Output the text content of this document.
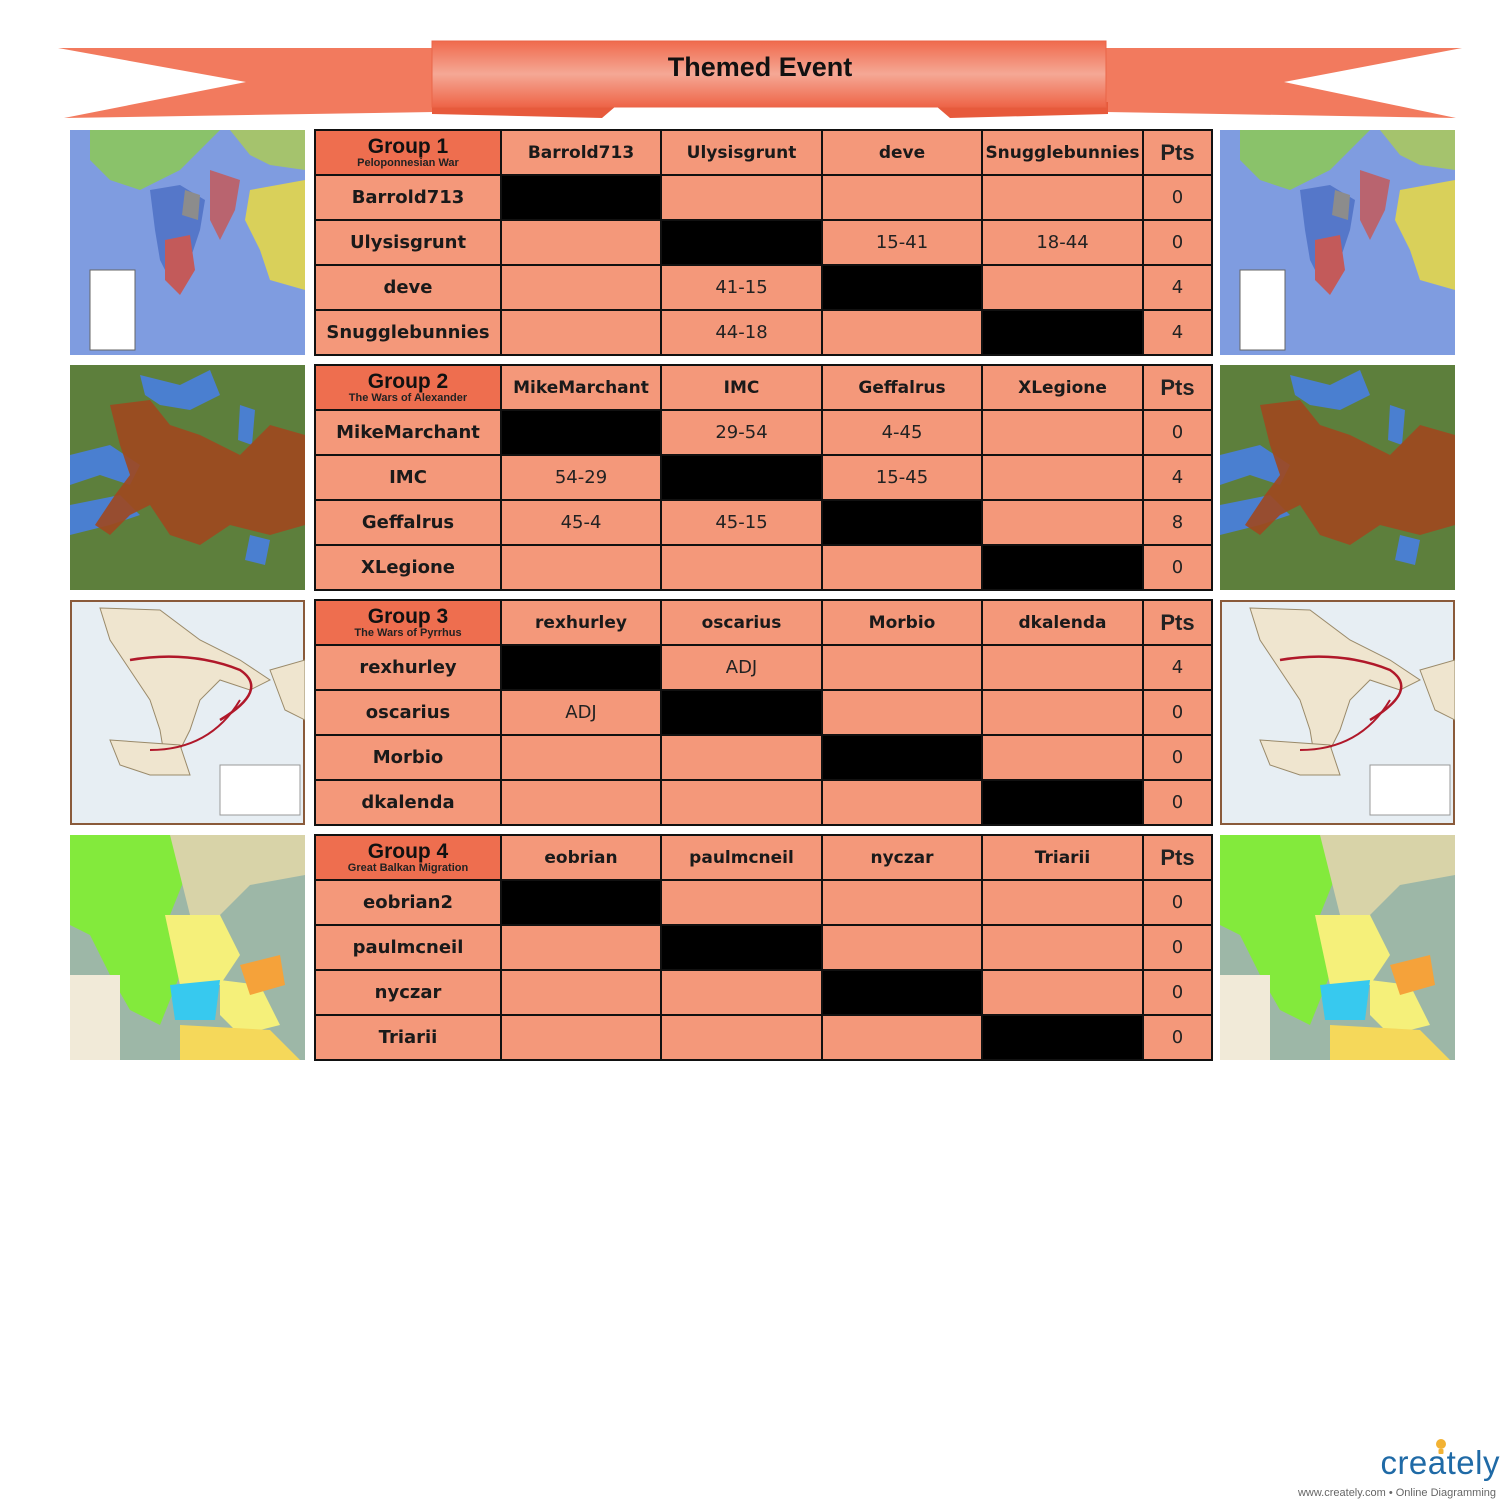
Themed Event
Group 1
Peloponnesian War	Barrold713	Ulysisgrunt	deve	Snugglebunnies	Pts
Barrold713					0
Ulysisgrunt			15-41	18-44	0
deve		41-15			4
Snugglebunnies		44-18			4
Group 2
The Wars of Alexander	MikeMarchant	IMC	Geffalrus	XLegione	Pts
MikeMarchant		29-54	4-45		0
IMC	54-29		15-45		4
Geffalrus	45-4	45-15			8
XLegione					0
Group 3
The Wars of Pyrrhus	rexhurley	oscarius	Morbio	dkalenda	Pts
rexhurley		ADJ			4
oscarius	ADJ				0
Morbio					0
dkalenda					0
Group 4
Great Balkan Migration	eobrian	paulmcneil	nyczar	Triarii	Pts
eobrian2					0
paulmcneil					0
nyczar					0
Triarii					0
creately
www.creately.com • Online Diagramming
